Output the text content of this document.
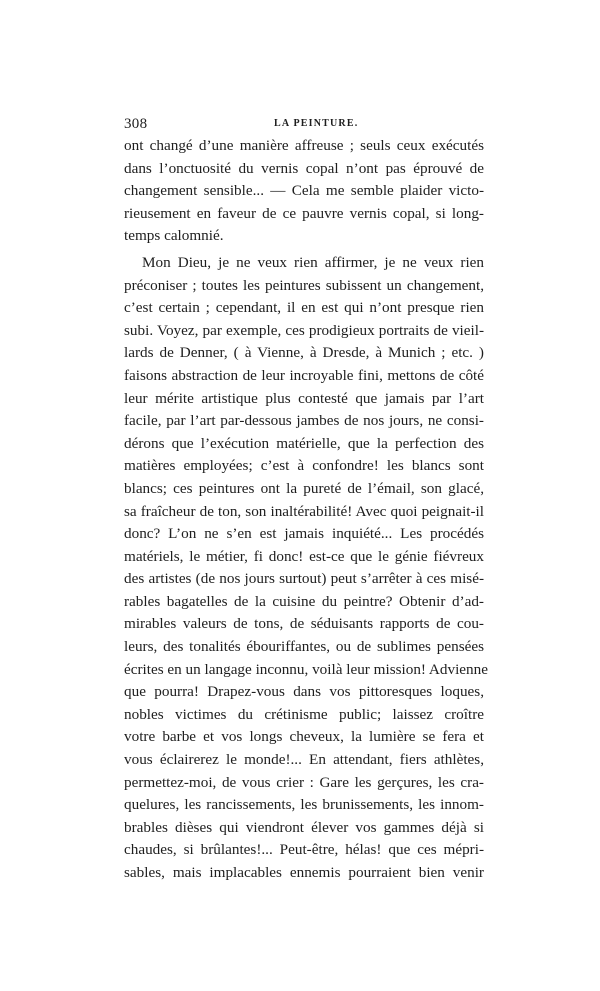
308	LA PEINTURE.
ont changé d’une manière affreuse ; seuls ceux exécutés
dans l’onctuosité du vernis copal n’ont pas éprouvé de
changement sensible... — Cela me semble plaider victo-
rieusement en faveur de ce pauvre vernis copal, si long-
temps calomnié.
Mon Dieu, je ne veux rien affirmer, je ne veux rien
préconiser ; toutes les peintures subissent un changement,
c’est certain ; cependant, il en est qui n’ont presque rien
subi. Voyez, par exemple, ces prodigieux portraits de vieil-
lards de Denner, ( à Vienne, à Dresde, à Munich ; etc. )
faisons abstraction de leur incroyable fini, mettons de côté
leur mérite artistique plus contesté que jamais par l’art
facile, par l’art par-dessous jambes de nos jours, ne consi-
dérons que l’exécution matérielle, que la perfection des
matières employées; c’est à confondre! les blancs sont
blancs; ces peintures ont la pureté de l’émail, son glacé,
sa fraîcheur de ton, son inaltérabilité! Avec quoi peignait-il
donc? L’on ne s’en est jamais inquiété... Les procédés
matériels, le métier, fi donc! est-ce que le génie fiévreux
des artistes (de nos jours surtout) peut s’arrêter à ces misé-
rables bagatelles de la cuisine du peintre? Obtenir d’ad-
mirables valeurs de tons, de séduisants rapports de cou-
leurs, des tonalités ébouriffantes, ou de sublimes pensées
écrites en un langage inconnu, voilà leur mission! Advienne
que pourra! Drapez-vous dans vos pittoresques loques,
nobles victimes du crétinisme public; laissez croître
votre barbe et vos longs cheveux, la lumière se fera et
vous éclairerez le monde!... En attendant, fiers athlètes,
permettez-moi, de vous crier : Gare les gerçures, les cra-
quelures, les rancissements, les brunissements, les innom-
brables dièses qui viendront élever vos gammes déjà si
chaudes, si brûlantes!... Peut-être, hélas! que ces mépri-
sables, mais implacables ennemis pourraient bien venir
